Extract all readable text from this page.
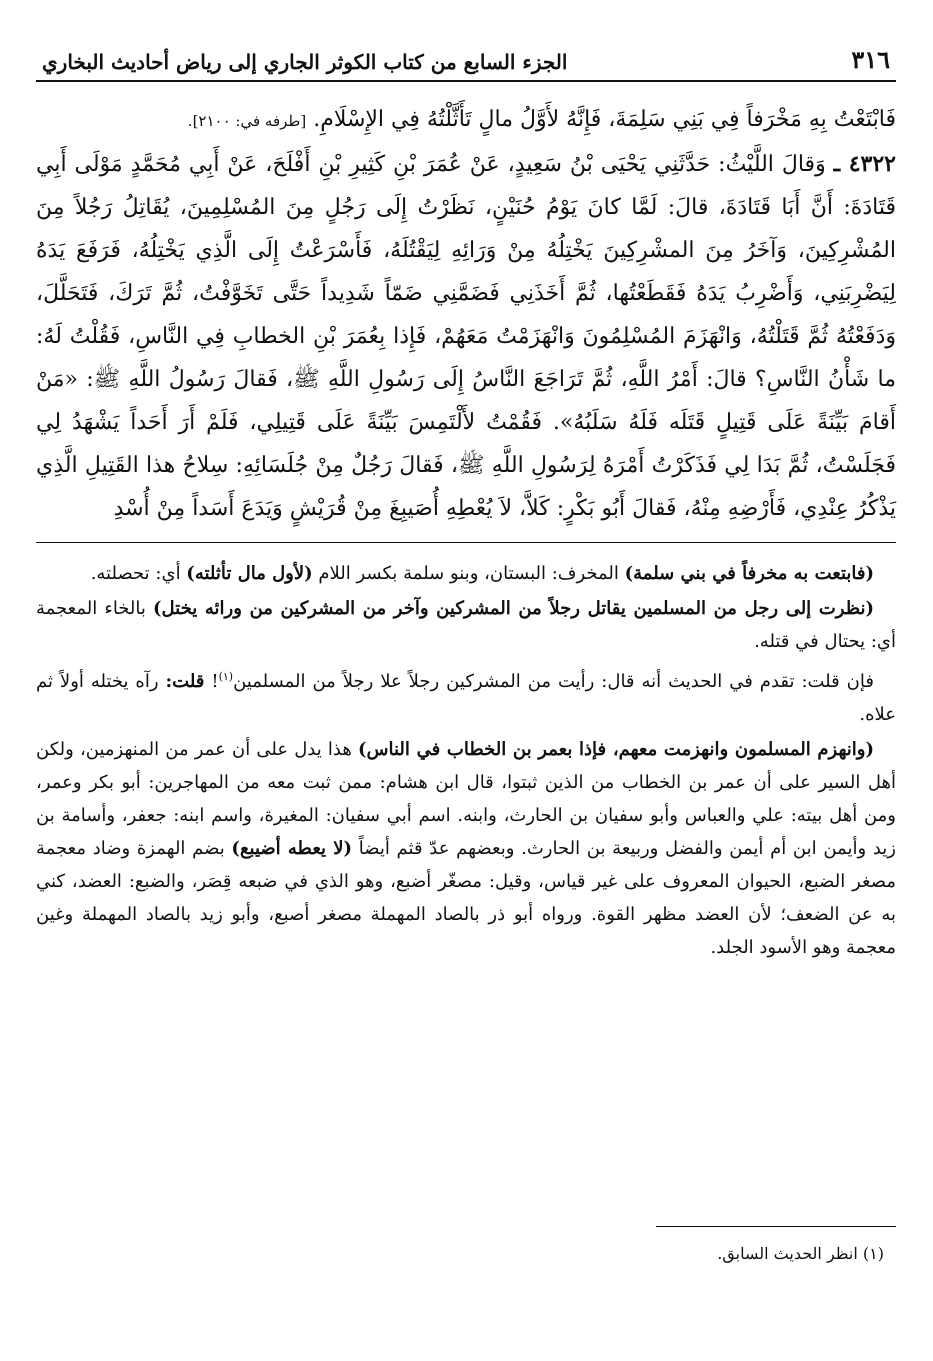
٣١٦
الجزء السابع من كتاب الكوثر الجاري إلى رياض أحاديث البخاري

فَابْتَعْتُ بِهِ مَخْرَفاً فِي بَنِي سَلِمَةَ، فَإِنَّهُ لأَوَّلُ مالٍ تَأَثَّلْتُهُ فِي الإِسْلَامِ. [طرفه في: ٢١٠٠].

٤٣٢٢ ـ وَقالَ اللَّيْثُ: حَدَّثَنِي يَحْيَى بْنُ سَعِيدٍ، عَنْ عُمَرَ بْنِ كَثِيرِ بْنِ أَفْلَحَ، عَنْ أَبِي مُحَمَّدٍ مَوْلَى أَبِي قَتَادَةَ: أَنَّ أَبَا قَتَادَةَ، قالَ: لَمَّا كانَ يَوْمُ حُنَيْنٍ، نَظَرْتُ إِلَى رَجُلٍ مِنَ المُسْلِمِينَ، يُقَاتِلُ رَجُلاً مِنَ المُشْرِكِينَ، وَآخَرُ مِنَ المشْرِكِينَ يَخْتِلُهُ مِنْ وَرَائِهِ لِيَقْتُلَهُ، فَأَسْرَعْتُ إِلَى الَّذِي يَخْتِلُهُ، فَرَفَعَ يَدَهُ لِيَضْرِبَنِي، وَأَضْرِبُ يَدَهُ فَقَطَعْتُها، ثُمَّ أَخَذَنِي فَضَمَّنِي ضَمّاً شَدِيداً حَتَّى تَخَوَّفْتُ، ثُمَّ تَرَكَ، فَتَحَلَّلَ، وَدَفَعْتُهُ ثُمَّ قَتَلْتُهُ، وَانْهَزَمَ المُسْلِمُونَ وَانْهَزَمْتُ مَعَهُمْ، فَإِذا بِعُمَرَ بْنِ الخطابِ فِي النَّاسِ، فَقُلْتُ لَهُ: ما شَأْنُ النَّاسِ؟ قالَ: أَمْرُ اللَّهِ، ثُمَّ تَرَاجَعَ النَّاسُ إِلَى رَسُولِ اللَّهِ ﷺ، فَقالَ رَسُولُ اللَّهِ ﷺ: «مَنْ أَقامَ بَيِّنَةً عَلَى قَتِيلٍ قَتَلَه فَلَهُ سَلَبُهُ». فَقُمْتُ لأَلْتَمِسَ بَيِّنَةً عَلَى قَتِيلِي، فَلَمْ أَرَ أَحَداً يَشْهَدُ لِي فَجَلَسْتُ، ثُمَّ بَدَا لِي فَذَكَرْتُ أَمْرَهُ لِرَسُولِ اللَّهِ ﷺ، فَقالَ رَجُلٌ مِنْ جُلَسَائِهِ: سِلاحُ هذا القَتِيلِ الَّذِي يَذْكُرُ عِنْدِي، فَأَرْضِهِ مِنْهُ، فَقالَ أَبُو بَكْرٍ: كَلاَّ، لاَ يُعْطِهِ أُصَيبِغَ مِنْ قُرَيْشٍ وَيَدَعَ أَسَداً مِنْ أُسْدِ

(فابتعت به مخرفاً في بني سلمة) المخرف: البستان، وبنو سلمة بكسر اللام (لأول مال تأثلته) أي: تحصلته.

(نظرت إلى رجل من المسلمين يقاتل رجلاً من المشركين وآخر من المشركين من ورائه يختل) بالخاء المعجمة أي: يحتال في قتله.

فإن قلت: تقدم في الحديث أنه قال: رأيت من المشركين رجلاً علا رجلاً من المسلمين$^{(١)}$! قلت: رآه يختله أولاً ثم علاه.

(وانهزم المسلمون وانهزمت معهم، فإذا بعمر بن الخطاب في الناس) هذا يدل على أن عمر من المنهزمين، ولكن أهل السير على أن عمر بن الخطاب من الذين ثبتوا، قال ابن هشام: ممن ثبت معه من المهاجرين: أبو بكر وعمر، ومن أهل بيته: علي والعباس وأبو سفيان بن الحارث، وابنه. اسم أبي سفيان: المغيرة، واسم ابنه: جعفر، وأسامة بن زيد وأيمن ابن أم أيمن والفضل وربيعة بن الحارث. وبعضهم عدّ قثم أيضاً (لا يعطه أضيبع) بضم الهمزة وضاد معجمة مصغر الضبع، الحيوان المعروف على غير قياس، وقيل: مصغّر أضبع، وهو الذي في ضبعه قِصَر، والضبع: العضد، كني به عن الضعف؛ لأن العضد مظهر القوة. ورواه أبو ذر بالصاد المهملة مصغر أصبع، وأبو زيد بالصاد المهملة وغين معجمة وهو الأسود الجلد.

(١) انظر الحديث السابق.
